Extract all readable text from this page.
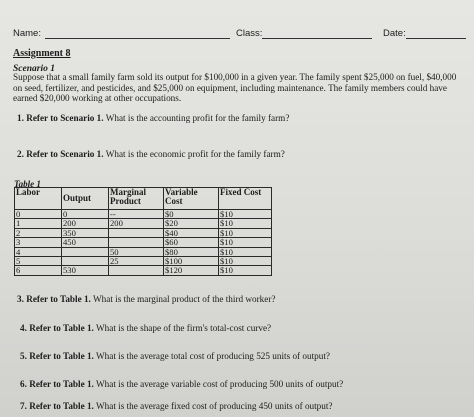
Name:	Class:	Date:
Assignment 8
Scenario 1
Suppose that a small family farm sold its output for $100,000 in a given year. The family spent $25,000 on fuel, $40,000 on seed, fertilizer, and pesticides, and $25,000 on equipment, including maintenance. The family members could have earned $20,000 working at other occupations.
1. Refer to Scenario 1. What is the accounting profit for the family farm?
2. Refer to Scenario 1. What is the economic profit for the family farm?
Table 1
Labor	Output	Marginal Product	Variable Cost	Fixed Cost
0	0	--	$0	$10
1	200	200	$20	$10
2	350		$40	$10
3	450		$60	$10
4		50	$80	$10
5		25	$100	$10
6	530		$120	$10
3. Refer to Table 1. What is the marginal product of the third worker?
4. Refer to Table 1. What is the shape of the firm's total-cost curve?
5. Refer to Table 1. What is the average total cost of producing 525 units of output?
6. Refer to Table 1. What is the average variable cost of producing 500 units of output?
7. Refer to Table 1. What is the average fixed cost of producing 450 units of output?
